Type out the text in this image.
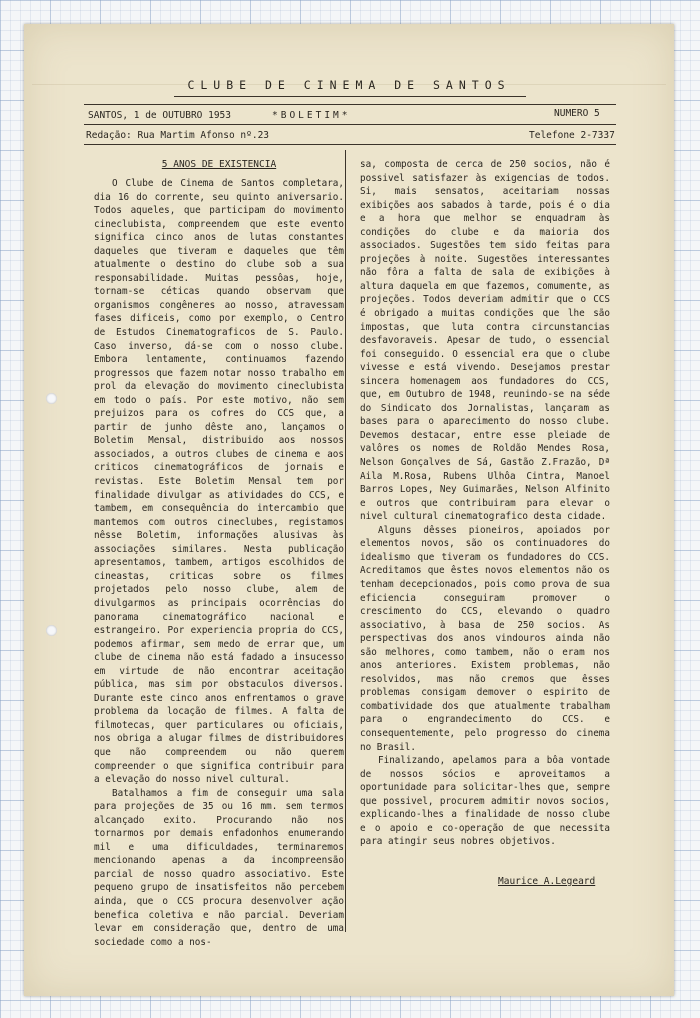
CLUBE DE CINEMA DE SANTOS
SANTOS, 1 de OUTUBRO 1953	*BOLETIM*	NUMERO 5
Redação: Rua Martim Afonso nº.23	Telefone 2-7337
5 ANOS DE EXISTENCIA

O Clube de Cinema de Santos completara, dia 16 do corrente, seu quinto aniversario. Todos aqueles, que participam do movimento cineclubista, compreendem que este evento significa cinco anos de lutas constantes daqueles que tiveram e daqueles que têm atualmente o destino do clube sob a sua responsabilidade. Muitas pessôas, hoje, tornam-se céticas quando observam que organismos congêneres ao nosso, atravessam fases dificeis, como por exemplo, o Centro de Estudos Cinematograficos de S. Paulo. Caso inverso, dá-se com o nosso clube. Embora lentamente, continuamos fazendo progressos que fazem notar nosso trabalho em prol da elevação do movimento cineclubista em todo o país. Por este motivo, não sem prejuizos para os cofres do CCS que, a partir de junho dêste ano, lançamos o Boletim Mensal, distribuido aos nossos associados, a outros clubes de cinema e aos criticos cinematográficos de jornais e revistas. Este Boletim Mensal tem por finalidade divulgar as atividades do CCS, e tambem, em consequência do intercambio que mantemos com outros cineclubes, registamos nêsse Boletim, informações alusivas às associações similares. Nesta publicação apresentamos, tambem, artigos escolhidos de cineastas, criticas sobre os filmes projetados pelo nosso clube, alem de divulgarmos as principais ocorrências do panorama cinematográfico nacional e estrangeiro. Por experiencia propria do CCS, podemos afirmar, sem medo de errar que, um clube de cinema não está fadado a insucesso em virtude de não encontrar aceitação pública, mas sim por obstaculos diversos. Durante este cinco anos enfrentamos o grave problema da locação de filmes. A falta de filmotecas, quer particulares ou oficiais, nos obriga a alugar filmes de distribuidores que não compreendem ou não querem compreender o que significa contribuir para a elevação do nosso nivel cultural.

Batalhamos a fim de conseguir uma sala para projeções de 35 ou 16 mm. sem termos alcançado exito. Procurando não nos tornarmos por demais enfadonhos enumerando mil e uma dificuldades, terminaremos mencionando apenas a da incompreensão parcial de nosso quadro associativo. Este pequeno grupo de insatisfeitos não percebem ainda, que o CCS procura desenvolver ação benefica coletiva e não parcial. Deveriam levar em consideração que, dentro de uma sociedade como a nos-

sa, composta de cerca de 250 socios, não é possivel satisfazer às exigencias de todos. Si, mais sensatos, aceitariam nossas exibições aos sabados à tarde, pois é o dia e a hora que melhor se enquadram às condições do clube e da maioria dos associados. Sugestões tem sido feitas para projeções à noite. Sugestões interessantes não fôra a falta de sala de exibições à altura daquela em que fazemos, comumente, as projeções. Todos deveriam admitir que o CCS é obrigado a muitas condições que lhe são impostas, que luta contra circunstancias desfavoraveis. Apesar de tudo, o essencial foi conseguido. O essencial era que o clube vivesse e está vivendo. Desejamos prestar sincera homenagem aos fundadores do CCS, que, em Outubro de 1948, reunindo-se na séde do Sindicato dos Jornalistas, lançaram as bases para o aparecimento do nosso clube. Devemos destacar, entre esse pleiade de valôres os nomes de Roldão Mendes Rosa, Nelson Gonçalves de Sá, Gastão Z.Frazão, Dª Aila M.Rosa, Rubens Ulhôa Cintra, Manoel Barros Lopes, Ney Guimarães, Nelson Alfinito e outros que contribuiram para elevar o nivel cultural cinematografico desta cidade.

Alguns dêsses pioneiros, apoiados por elementos novos, são os continuadores do idealismo que tiveram os fundadores do CCS. Acreditamos que êstes novos elementos não os tenham decepcionados, pois como prova de sua eficiencia conseguiram promover o crescimento do CCS, elevando o quadro associativo, à basa de 250 socios. As perspectivas dos anos vindouros ainda não são melhores, como tambem, não o eram nos anos anteriores. Existem problemas, não resolvidos, mas não cremos que êsses problemas consigam demover o espirito de combatividade dos que atualmente trabalham para o engrandecimento do CCS. e consequentemente, pelo progresso do cinema no Brasil.

Finalizando, apelamos para a bôa vontade de nossos sócios e aproveitamos a oportunidade para solicitar-lhes que, sempre que possivel, procurem admitir novos socios, explicando-lhes a finalidade de nosso clube e o apoio e co-operação de que necessita para atingir seus nobres objetivos.

Maurice A.Legeard
